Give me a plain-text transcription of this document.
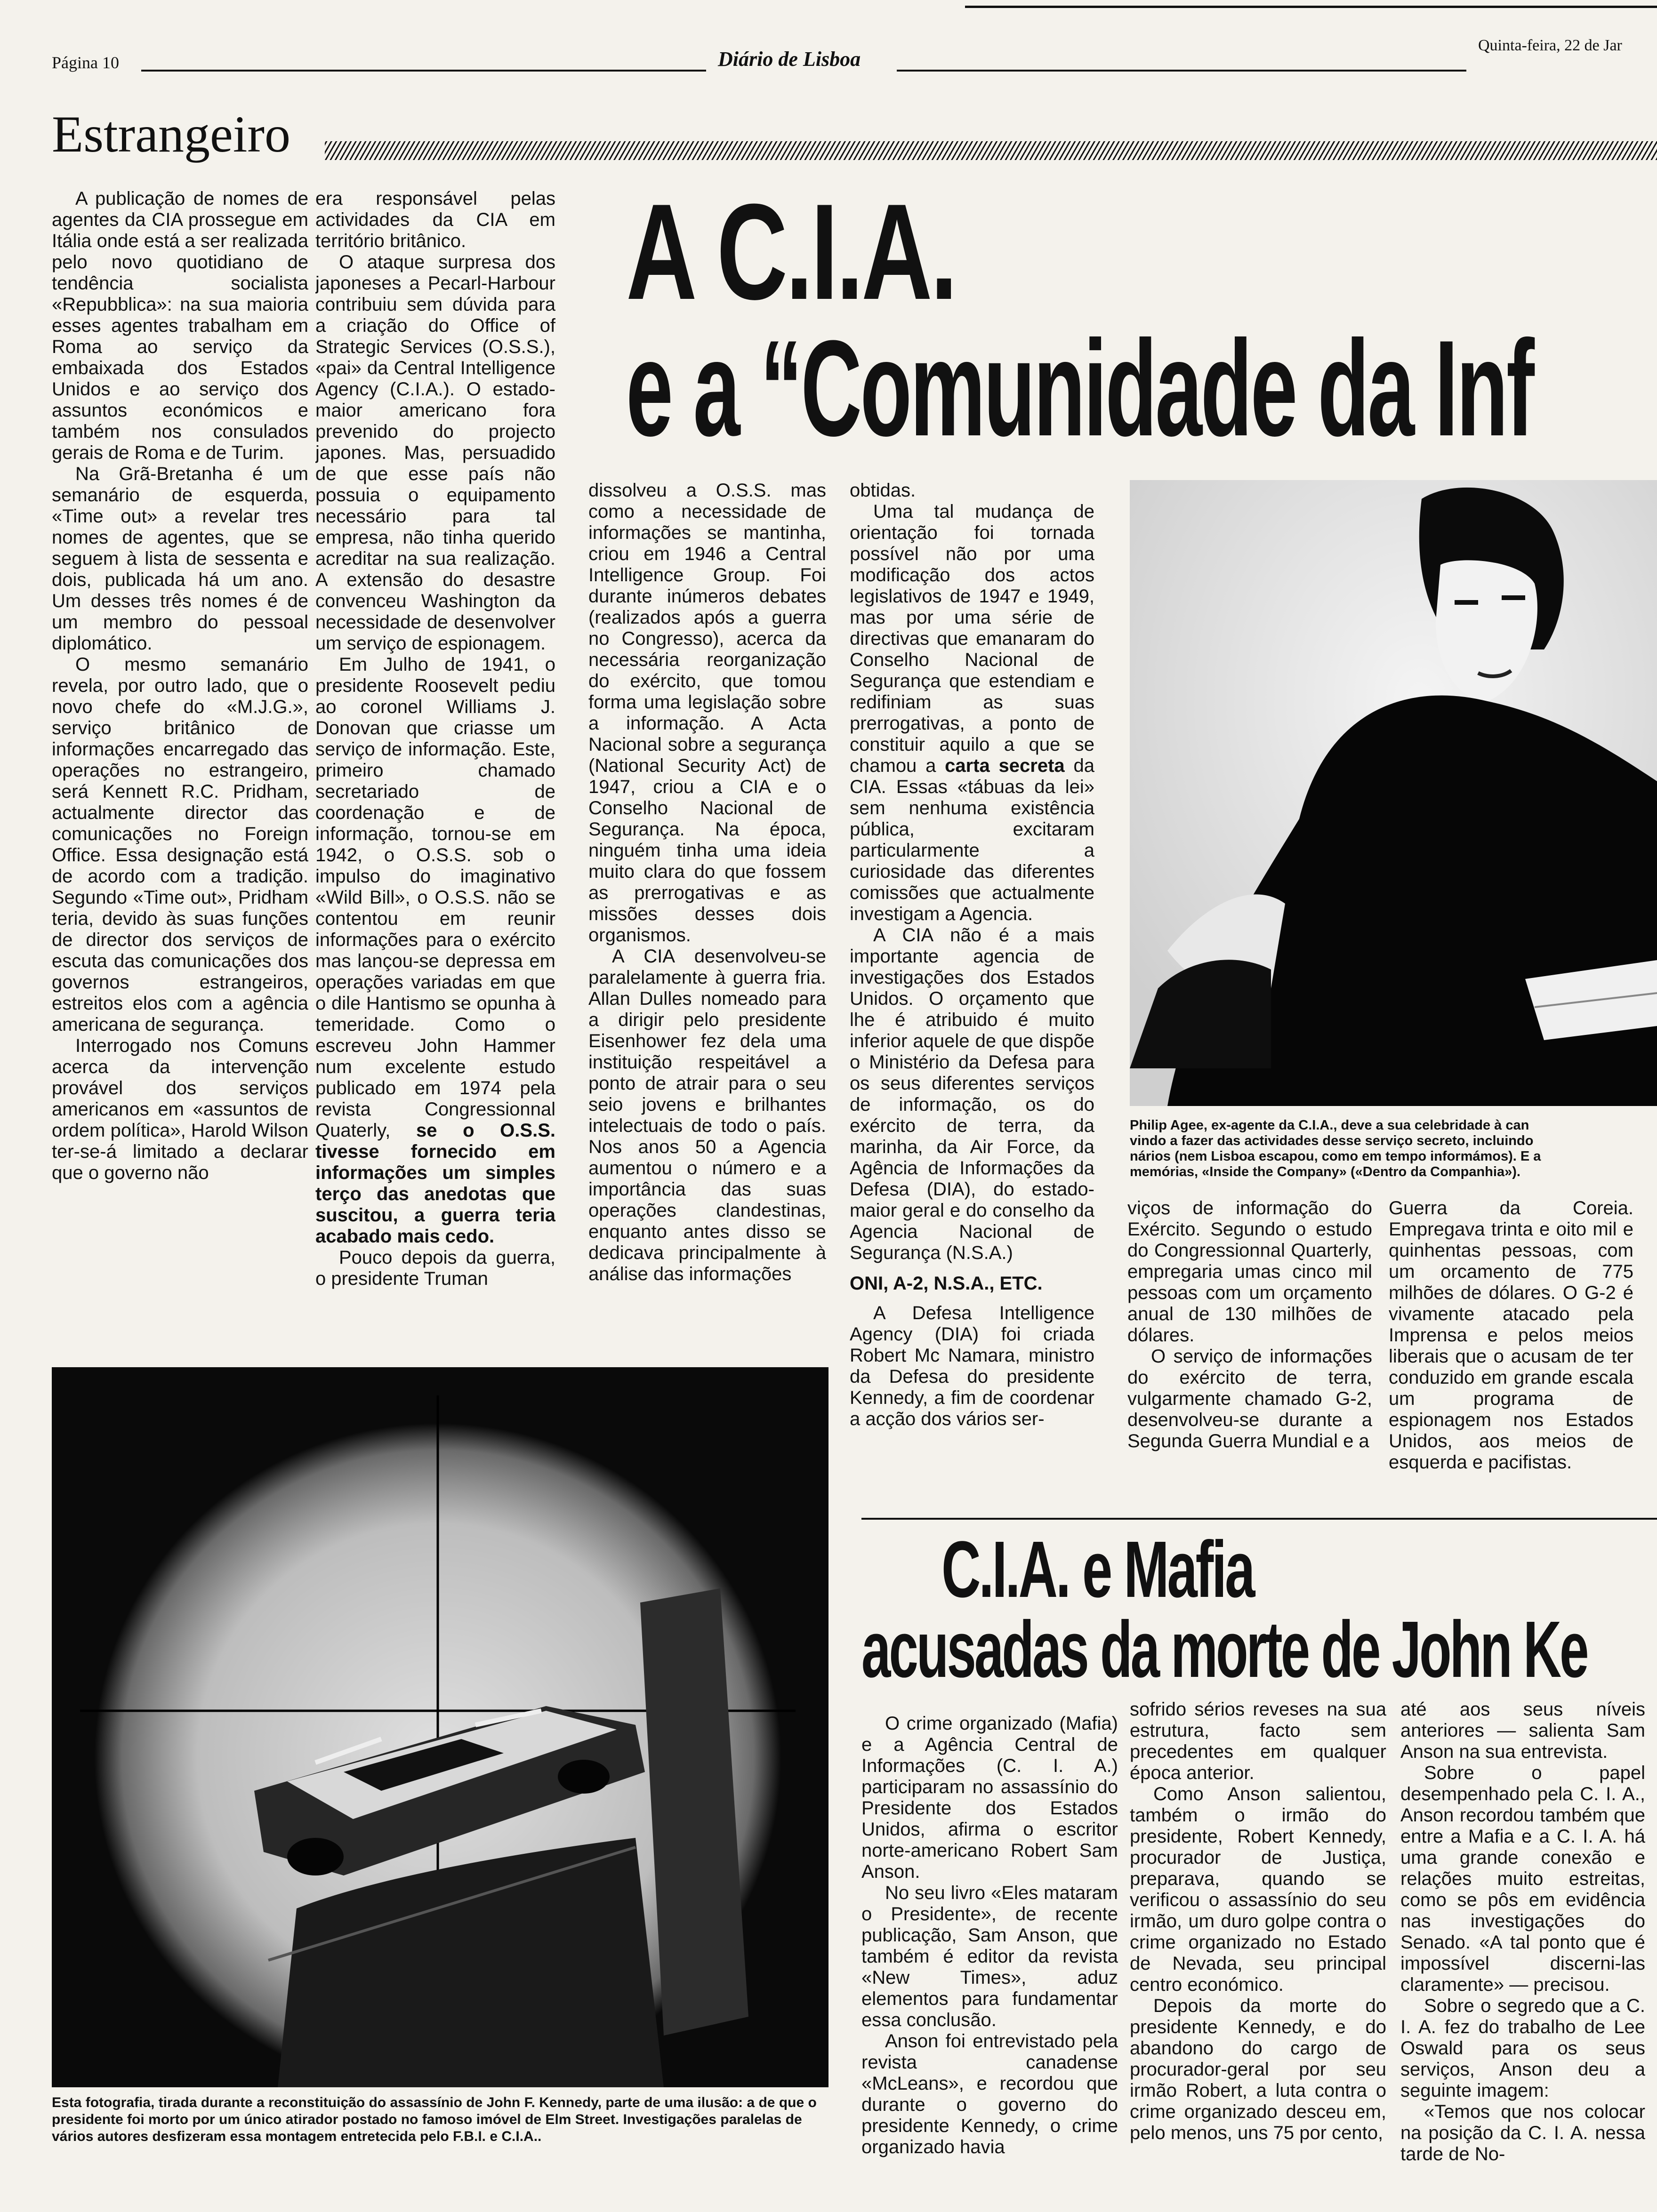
Página 10	Diário de Lisboa
Quinta-feira, 22 de Jar
Estrangeiro

A publicação de nomes de agentes da CIA prossegue em Itália onde está a ser realizada pelo novo quotidiano de tendência socialista «Repubblica»: na sua maioria esses agentes trabalham em Roma ao serviço da embaixada dos Estados Unidos e ao serviço dos assuntos económicos e também nos consulados gerais de Roma e de Turim.

Na Grã-Bretanha é um semanário de esquerda, «Time out» a revelar tres nomes de agentes, que se seguem à lista de sessenta e dois, publicada há um ano. Um desses três nomes é de um membro do pessoal diplomático.

O mesmo semanário revela, por outro lado, que o novo chefe do «M.J.G.», serviço britânico de informações encarregado das operações no estrangeiro, será Kennett R.C. Pridham, actualmente director das comunicações no Foreign Office. Essa designação está de acordo com a tradição. Segundo «Time out», Pridham teria, devido às suas funções de director dos serviços de escuta das comunicações dos governos estrangeiros, estreitos elos com a agência americana de segurança.

Interrogado nos Comuns acerca da intervenção provável dos serviços americanos em «assuntos de ordem política», Harold Wilson ter-se-á limitado a declarar que o governo não

era responsável pelas actividades da CIA em território britânico.

O ataque surpresa dos japoneses a Pecarl-Harbour contribuiu sem dúvida para a criação do Office of Strategic Services (O.S.S.), «pai» da Central Intelligence Agency (C.I.A.). O estado-maior americano fora prevenido do projecto japones. Mas, persuadido de que esse país não possuia o equipamento necessário para tal empresa, não tinha querido acreditar na sua realização. A extensão do desastre convenceu Washington da necessidade de desenvolver um serviço de espionagem.

Em Julho de 1941, o presidente Roosevelt pediu ao coronel Williams J. Donovan que criasse um serviço de informação. Este, primeiro chamado secretariado de coordenação e de informação, tornou-se em 1942, o O.S.S. sob o impulso do imaginativo «Wild Bill», o O.S.S. não se contentou em reunir informações para o exército mas lançou-se depressa em operações variadas em que o dile Hantismo se opunha à temeridade. Como o escreveu John Hammer num excelente estudo publicado em 1974 pela revista Congressionnal Quaterly, se o O.S.S. tivesse fornecido em informações um simples terço das anedotas que suscitou, a guerra teria acabado mais cedo.

Pouco depois da guerra, o presidente Truman

A C.I.A.
e a “Comunidade da Inf

dissolveu a O.S.S. mas como a necessidade de informações se mantinha, criou em 1946 a Central Intelligence Group. Foi durante inúmeros debates (realizados após a guerra no Congresso), acerca da necessária reorganização do exército, que tomou forma uma legislação sobre a informação. A Acta Nacional sobre a segurança (National Security Act) de 1947, criou a CIA e o Conselho Nacional de Segurança. Na época, ninguém tinha uma ideia muito clara do que fossem as prerrogativas e as missões desses dois organismos.

A CIA desenvolveu-se paralelamente à guerra fria. Allan Dulles nomeado para a dirigir pelo presidente Eisenhower fez dela uma instituição respeitável a ponto de atrair para o seu seio jovens e brilhantes intelectuais de todo o país. Nos anos 50 a Agencia aumentou o número e a importância das suas operações clandestinas, enquanto antes disso se dedicava principalmente à análise das informações

obtidas.

Uma tal mudança de orientação foi tornada possível não por uma modificação dos actos legislativos de 1947 e 1949, mas por uma série de directivas que emanaram do Conselho Nacional de Segurança que estendiam e redifiniam as suas prerrogativas, a ponto de constituir aquilo a que se chamou a carta secreta da CIA. Essas «tábuas da lei» sem nenhuma existência pública, excitaram particularmente a curiosidade das diferentes comissões que actualmente investigam a Agencia.

A CIA não é a mais importante agencia de investigações dos Estados Unidos. O orçamento que lhe é atribuido é muito inferior aquele de que dispõe o Ministério da Defesa para os seus diferentes serviços de informação, os do exército de terra, da marinha, da Air Force, da Agência de Informações da Defesa (DIA), do estado-maior geral e do conselho da Agencia Nacional de Segurança (N.S.A.)

ONI, A-2, N.S.A., ETC.

A Defesa Intelligence Agency (DIA) foi criada Robert Mc Namara, ministro da Defesa do presidente Kennedy, a fim de coordenar a acção dos vários ser-

Philip Agee, ex-agente da C.I.A., deve a sua celebridade à can
vindo a fazer das actividades desse serviço secreto, incluindo
nários (nem Lisboa escapou, como em tempo informámos). E a
memórias, «Inside the Company» («Dentro da Companhia»).

viços de informação do Exército. Segundo o estudo do Congressionnal Quarterly, empregaria umas cinco mil pessoas com um orçamento anual de 130 milhões de dólares.

O serviço de informações do exército de terra, vulgarmente chamado G-2, desenvolveu-se durante a Segunda Guerra Mundial e a

Guerra da Coreia. Empregava trinta e oito mil e quinhentas pessoas, com um orcamento de 775 milhões de dólares. O G-2 é vivamente atacado pela Imprensa e pelos meios liberais que o acusam de ter conduzido em grande escala um programa de espionagem nos Estados Unidos, aos meios de esquerda e pacifistas.

Esta fotografia, tirada durante a reconstituição do assassínio de John F. Kennedy, parte de uma ilusão: a de que o presidente foi morto por um único atirador postado no famoso imóvel de Elm Street. Investigações paralelas de vários autores desfizeram essa montagem entretecida pelo F.B.I. e C.I.A..
C.I.A. e Mafia
acusadas da morte de John Ke

O crime organizado (Mafia) e a Agência Central de Informações (C. I. A.) participaram no assassínio do Presidente dos Estados Unidos, afirma o escritor norte-americano Robert Sam Anson.

No seu livro «Eles mataram o Presidente», de recente publicação, Sam Anson, que também é editor da revista «New Times», aduz elementos para fundamentar essa conclusão.

Anson foi entrevistado pela revista canadense «McLeans», e recordou que durante o governo do presidente Kennedy, o crime organizado havia

sofrido sérios reveses na sua estrutura, facto sem precedentes em qualquer época anterior.

Como Anson salientou, também o irmão do presidente, Robert Kennedy, procurador de Justiça, preparava, quando se verificou o assassínio do seu irmão, um duro golpe contra o crime organizado no Estado de Nevada, seu principal centro económico.

Depois da morte do presidente Kennedy, e do abandono do cargo de procurador-geral por seu irmão Robert, a luta contra o crime organizado desceu em, pelo menos, uns 75 por cento,

até aos seus níveis anteriores — salienta Sam Anson na sua entrevista.

Sobre o papel desempenhado pela C. I. A., Anson recordou também que entre a Mafia e a C. I. A. há uma grande conexão e relações muito estreitas, como se pôs em evidência nas investigações do Senado. «A tal ponto que é impossível discerni-las claramente» — precisou.

Sobre o segredo que a C. I. A. fez do trabalho de Lee Oswald para os seus serviços, Anson deu a seguinte imagem:

«Temos que nos colocar na posição da C. I. A. nessa tarde de No-
